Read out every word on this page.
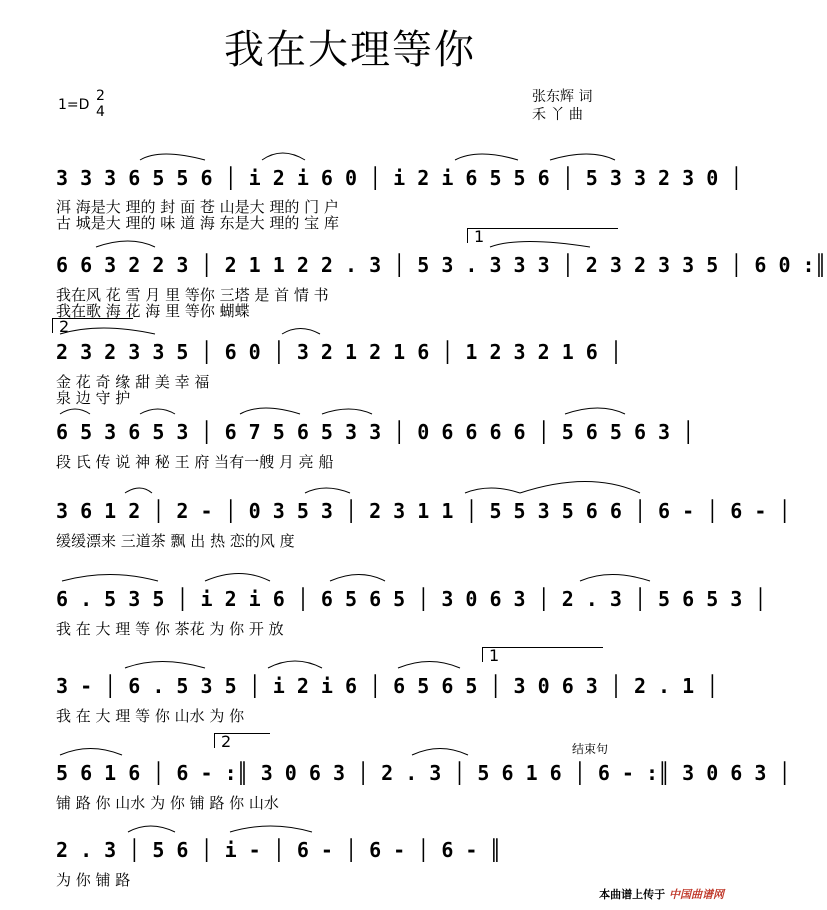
我在大理等你
1=D
2
4
张东辉 词
禾 丫 曲
3 3 3 6 5 5 6 │ i 2 i 6 0 │ i 2 i 6 5 5 6 │ 5 3 3 2 3 0 │
洱 海是大 理的 封 面 苍 山是大 理的 门 户
古 城是大 理的 味 道 海 东是大 理的 宝 库
1
6 6 3 2 2 3 │ 2 1 1 2 2 . 3 │ 5 3 . 3 3 3 │ 2 3 2 3 3 5 │ 6 0 :║
我在风 花 雪 月 里 等你 三塔 是 首 情 书
我在歌 海 花 海 里 等你 蝴蝶
2
2 3 2 3 3 5 │ 6 0 │ 3 2 1 2 1 6 │ 1 2 3 2 1 6 │
金 花 奇 缘 甜 美 幸 福
泉 边 守 护
6 5 3 6 5 3 │ 6 7 5 6 5 3 3 │ 0 6 6 6 6 │ 5 6 5 6 3 │
段 氏 传 说 神 秘 王 府 当有一艘 月 亮 船
3 6 1 2 │ 2 - │ 0 3 5 3 │ 2 3 1 1 │ 5 5 3 5 6 6 │ 6 - │ 6 - │
缓缓漂来 三道茶 飘 出 热 恋的风 度
6 . 5 3 5 │ i 2 i 6 │ 6 5 6 5 │ 3 0 6 3 │ 2 . 3 │ 5 6 5 3 │
我 在 大 理 等 你 茶花 为 你 开 放
1
3 - │ 6 . 5 3 5 │ i 2 i 6 │ 6 5 6 5 │ 3 0 6 3 │ 2 . 1 │
我 在 大 理 等 你 山水 为 你
2	结束句
5 6 1 6 │ 6 - :║ 3 0 6 3 │ 2 . 3 │ 5 6 1 6 │ 6 - :║ 3 0 6 3 │
铺 路 你 山水 为 你 铺 路 你 山水
2 . 3 │ 5 6 │ i - │ 6 - │ 6 - │ 6 - ║
为 你 铺 路
本曲谱上传于 中国曲谱网
